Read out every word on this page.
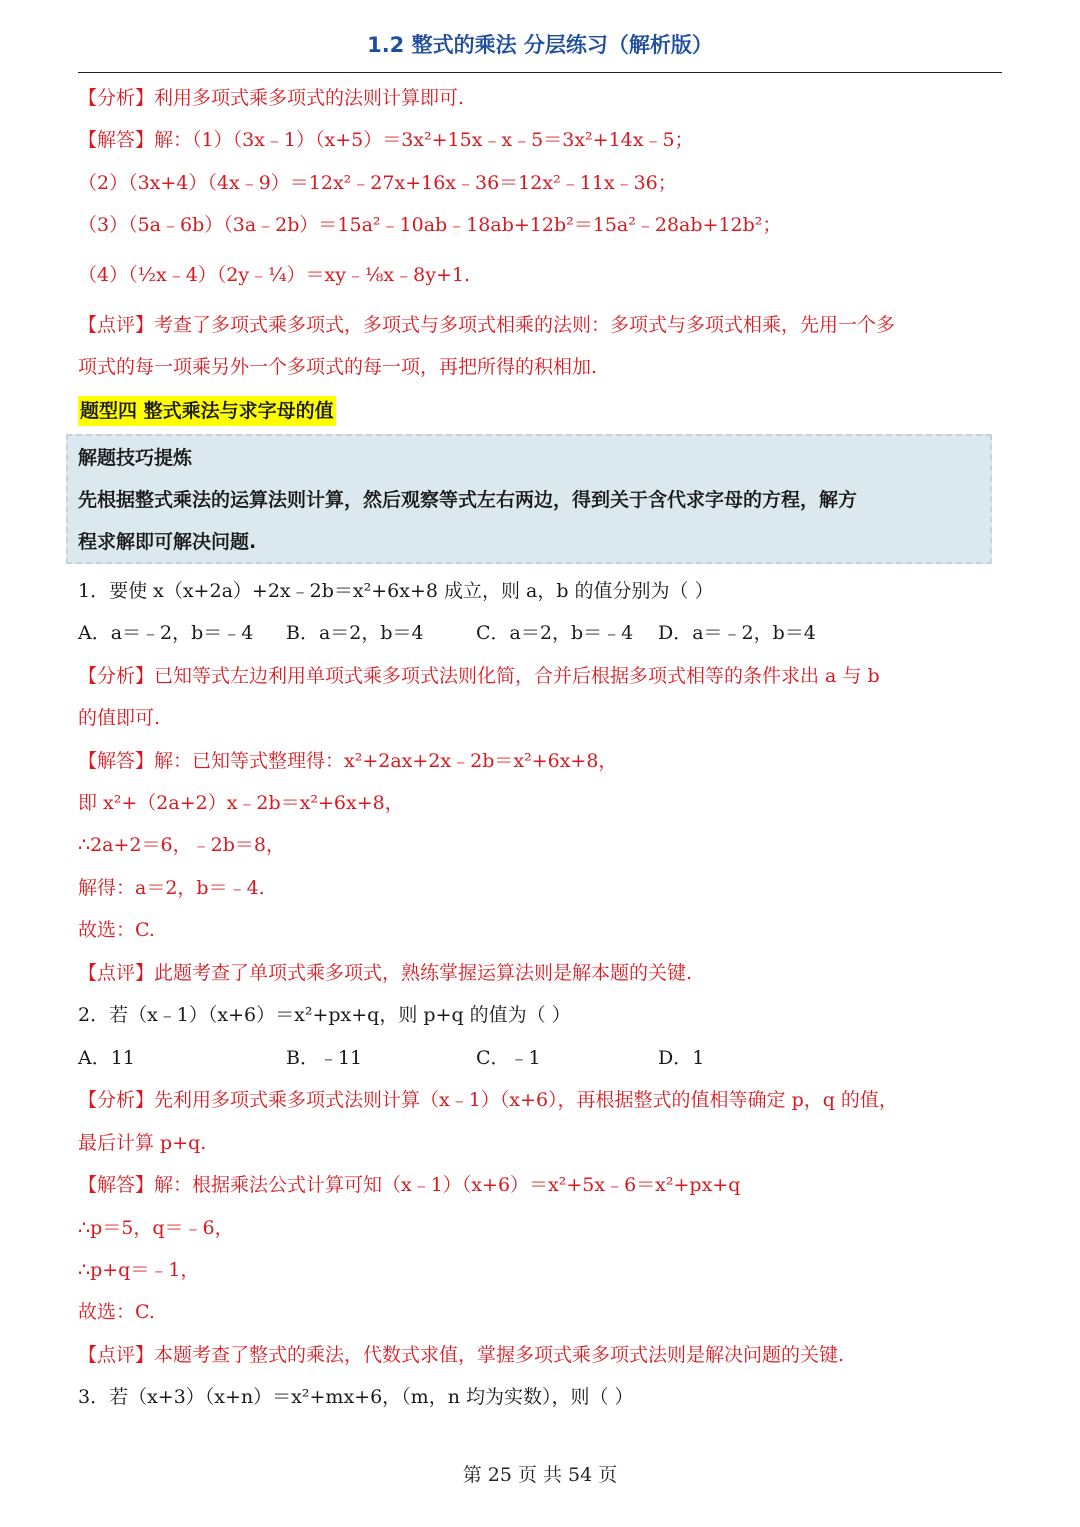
1.2 整式的乘法 分层练习（解析版）
【分析】利用多项式乘多项式的法则计算即可.
【解答】解：（1）（3x﹣1）（x+5）＝3x²+15x﹣x﹣5＝3x²+14x﹣5；
（2）（3x+4）（4x﹣9）＝12x²﹣27x+16x﹣36＝12x²﹣11x﹣36；
（3）（5a﹣6b）（3a﹣2b）＝15a²﹣10ab﹣18ab+12b²＝15a²﹣28ab+12b²；
（4）（½x﹣4）（2y﹣¼）＝xy﹣⅛x﹣8y+1.
【点评】考查了多项式乘多项式，多项式与多项式相乘的法则：多项式与多项式相乘，先用一个多
项式的每一项乘另外一个多项式的每一项，再把所得的积相加.
题型四 整式乘法与求字母的值
解题技巧提炼
先根据整式乘法的运算法则计算，然后观察等式左右两边，得到关于含代求字母的方程，解方
程求解即可解决问题.
1．要使 x（x+2a）+2x﹣2b＝x²+6x+8 成立，则 a，b 的值分别为（ ）
A．a＝﹣2，b＝﹣4 B．a＝2，b＝4	C．a＝2，b＝﹣4 D．a＝﹣2，b＝4
【分析】已知等式左边利用单项式乘多项式法则化简，合并后根据多项式相等的条件求出 a 与 b
的值即可.
【解答】解：已知等式整理得：x²+2ax+2x﹣2b＝x²+6x+8，
即 x²+（2a+2）x﹣2b＝x²+6x+8，
∴2a+2＝6，﹣2b＝8，
解得：a＝2，b＝﹣4.
故选：C.
【点评】此题考查了单项式乘多项式，熟练掌握运算法则是解本题的关键.
2．若（x﹣1）（x+6）＝x²+px+q，则 p+q 的值为（ ）
A．11	B．﹣11	C．﹣1	D．1
【分析】先利用多项式乘多项式法则计算（x﹣1）（x+6），再根据整式的值相等确定 p，q 的值，
最后计算 p+q.
【解答】解：根据乘法公式计算可知（x﹣1）（x+6）＝x²+5x﹣6＝x²+px+q
∴p＝5，q＝﹣6，
∴p+q＝﹣1，
故选：C.
【点评】本题考查了整式的乘法，代数式求值，掌握多项式乘多项式法则是解决问题的关键.
3．若（x+3）（x+n）＝x²+mx+6，（m，n 均为实数），则（ ）
第 25 页 共 54 页
